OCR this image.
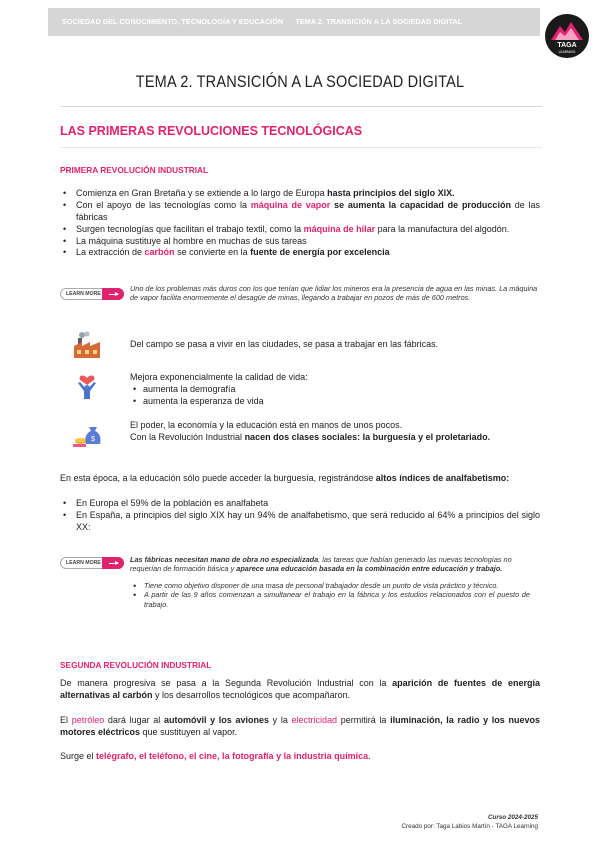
SOCIEDAD DEL CONOCIMIENTO, TECNOLOGÍA Y EDUCACIÓN TEMA 2. TRANSICIÓN A LA SOCIEDAD DIGITAL
TAGA
LEARNING
TEMA 2. TRANSICIÓN A LA SOCIEDAD DIGITAL
LAS PRIMERAS REVOLUCIONES TECNOLÓGICAS
PRIMERA REVOLUCIÓN INDUSTRIAL
• Comienza en Gran Bretaña y se extiende a lo largo de Europa hasta principios del siglo XIX.
• Con el apoyo de las tecnologías como la máquina de vapor se aumenta la capacidad de producción de las fábricas
• Surgen tecnologías que facilitan el trabajo textil, como la máquina de hilar para la manufactura del algodón.
• La máquina sustituye al hombre en muchas de sus tareas
• La extracción de carbón se convierte en la fuente de energía por excelencia
LEARN MORE
Uno de los problemas más duros con los que tenían que lidiar los mineros era la presencia de agua en las minas. La máquina de vapor facilita enormemente el desagüe de minas, llegando a trabajar en pozos de más de 600 metros.
Del campo se pasa a vivir en las ciudades, se pasa a trabajar en las fábricas.
Mejora exponencialmente la calidad de vida:
• aumenta la demografía
• aumenta la esperanza de vida
$
El poder, la economía y la educación está en manos de unos pocos.
Con la Revolución Industrial nacen dos clases sociales: la burguesía y el proletariado.

En esta época, a la educación sólo puede acceder la burguesía, registrándose altos índices de analfabetismo:

• En Europa el 59% de la población es analfabeta
• En España, a principios del siglo XIX hay un 94% de analfabetismo, que será reducido al 64% a principios del siglo XX:
LEARN MORE	Las fábricas necesitan mano de obra no especializada, las tareas que habían generado las nuevas tecnologías no requerían de formación básica y aparece una educación basada en la combinación entre educación y trabajo.
• Tiene como objetivo disponer de una masa de personal trabajador desde un punto de vista práctico y técnico.
• A partir de las 9 años comienzan a simultanear el trabajo en la fábrica y los estudios relacionados con el puesto de trabajo.
SEGUNDA REVOLUCIÓN INDUSTRIAL

De manera progresiva se pasa a la Segunda Revolución Industrial con la aparición de fuentes de energía alternativas al carbón y los desarrollos tecnológicos que acompañaron.

El petróleo dará lugar al automóvil y los aviones y la electricidad permitirá la iluminación, la radio y los nuevos motores eléctricos que sustituyen al vapor.

Surge el telégrafo, el teléfono, el cine, la fotografía y la industria química.

Curso 2024-2025
Creado por: Taga Labios Martín - TAGA Learning
